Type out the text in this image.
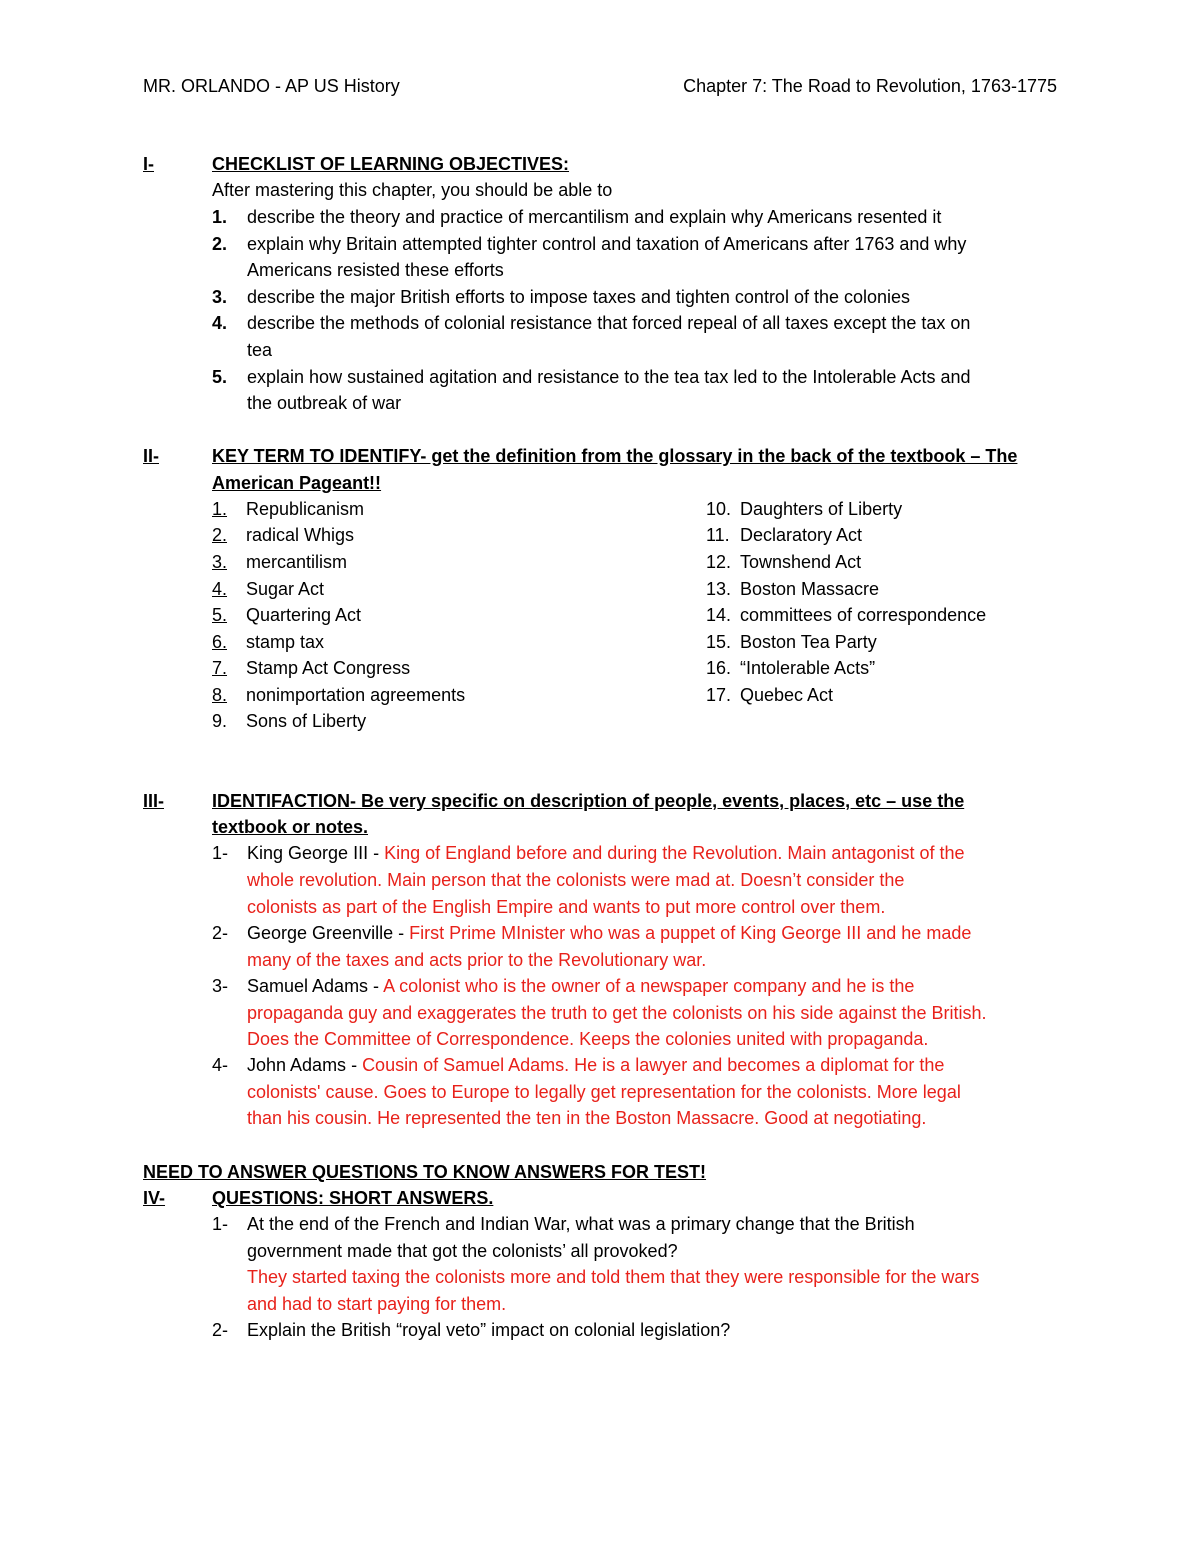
MR. ORLANDO - AP US History	Chapter 7: The Road to Revolution, 1763-1775
I-	CHECKLIST OF LEARNING OBJECTIVES:
After mastering this chapter, you should be able to
1. describe the theory and practice of mercantilism and explain why Americans resented it
2. explain why Britain attempted tighter control and taxation of Americans after 1763 and why
Americans resisted these efforts
3. describe the major British efforts to impose taxes and tighten control of the colonies
4. describe the methods of colonial resistance that forced repeal of all taxes except the tax on
tea
5. explain how sustained agitation and resistance to the tea tax led to the Intolerable Acts and
the outbreak of war
II-	KEY TERM TO IDENTIFY- get the definition from the glossary in the back of the textbook – The
American Pageant!!
1. Republicanism
2. radical Whigs
3. mercantilism
4. Sugar Act
5. Quartering Act
6. stamp tax
7. Stamp Act Congress
8. nonimportation agreements
9. Sons of Liberty
10. Daughters of Liberty
11. Declaratory Act
12. Townshend Act
13. Boston Massacre
14. committees of correspondence
15. Boston Tea Party
16. “Intolerable Acts”
17. Quebec Act
III-	IDENTIFACTION- Be very specific on description of people, events, places, etc – use the
textbook or notes.
1- King George III - King of England before and during the Revolution. Main antagonist of the
whole revolution. Main person that the colonists were mad at. Doesn’t consider the
colonists as part of the English Empire and wants to put more control over them.
2- George Greenville - First Prime MInister who was a puppet of King George III and he made
many of the taxes and acts prior to the Revolutionary war.
3- Samuel Adams - A colonist who is the owner of a newspaper company and he is the
propaganda guy and exaggerates the truth to get the colonists on his side against the British.
Does the Committee of Correspondence. Keeps the colonies united with propaganda.
4- John Adams - Cousin of Samuel Adams. He is a lawyer and becomes a diplomat for the
colonists' cause. Goes to Europe to legally get representation for the colonists. More legal
than his cousin. He represented the ten in the Boston Massacre. Good at negotiating.
NEED TO ANSWER QUESTIONS TO KNOW ANSWERS FOR TEST!
IV-	QUESTIONS: SHORT ANSWERS.
1- At the end of the French and Indian War, what was a primary change that the British
government made that got the colonists’ all provoked?
They started taxing the colonists more and told them that they were responsible for the wars
and had to start paying for them.
2- Explain the British “royal veto” impact on colonial legislation?
